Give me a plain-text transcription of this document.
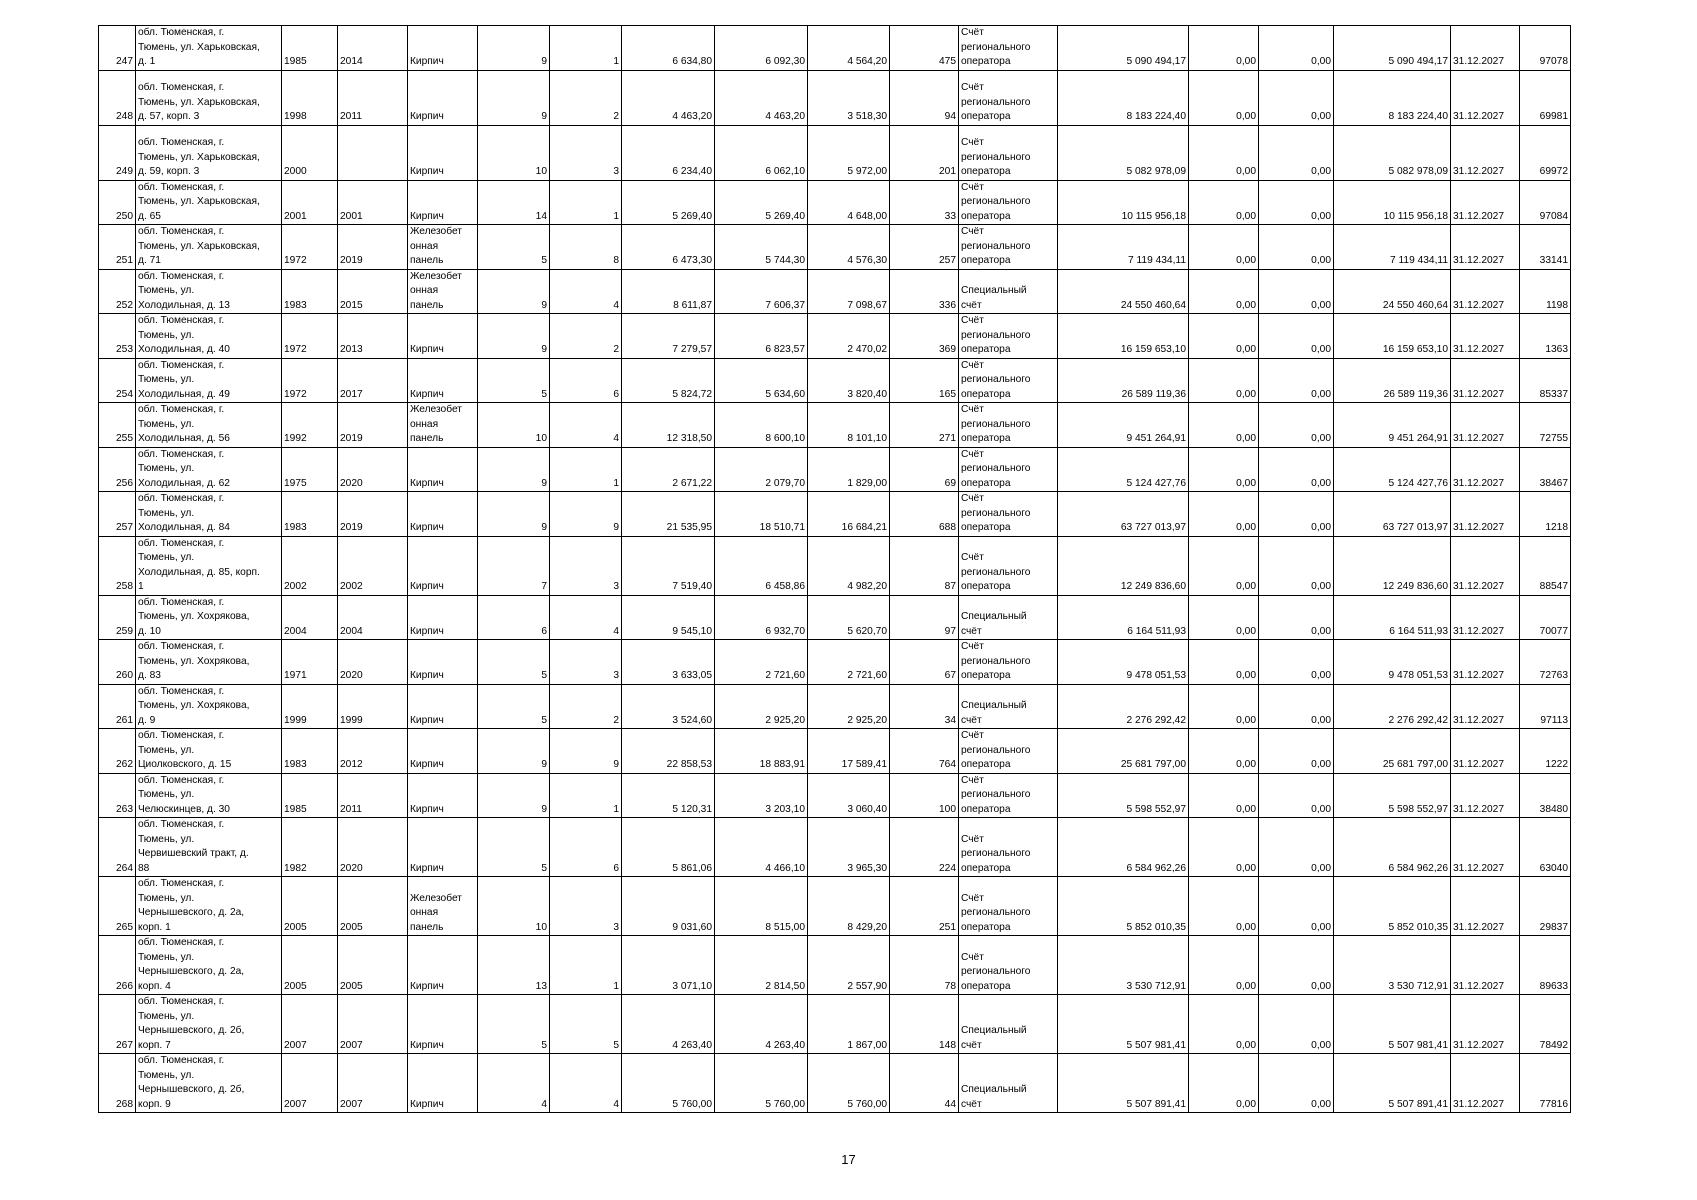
247	обл. Тюменская, г.
Тюмень, ул. Харьковская,
д. 1	1985	2014	Кирпич	9	1	6 634,80	6 092,30	4 564,20	475	Счёт
регионального
оператора	5 090 494,17	0,00	0,00	5 090 494,17	31.12.2027	97078
248	обл. Тюменская, г.
Тюмень, ул. Харьковская,
д. 57, корп. 3	1998	2011	Кирпич	9	2	4 463,20	4 463,20	3 518,30	94	Счёт
регионального
оператора	8 183 224,40	0,00	0,00	8 183 224,40	31.12.2027	69981
249	обл. Тюменская, г.
Тюмень, ул. Харьковская,
д. 59, корп. 3	2000		Кирпич	10	3	6 234,40	6 062,10	5 972,00	201	Счёт
регионального
оператора	5 082 978,09	0,00	0,00	5 082 978,09	31.12.2027	69972
250	обл. Тюменская, г.
Тюмень, ул. Харьковская,
д. 65	2001	2001	Кирпич	14	1	5 269,40	5 269,40	4 648,00	33	Счёт
регионального
оператора	10 115 956,18	0,00	0,00	10 115 956,18	31.12.2027	97084
251	обл. Тюменская, г.
Тюмень, ул. Харьковская,
д. 71	1972	2019	Железобет
онная
панель	5	8	6 473,30	5 744,30	4 576,30	257	Счёт
регионального
оператора	7 119 434,11	0,00	0,00	7 119 434,11	31.12.2027	33141
252	обл. Тюменская, г.
Тюмень, ул.
Холодильная, д. 13	1983	2015	Железобет
онная
панель	9	4	8 611,87	7 606,37	7 098,67	336	Специальный
счёт	24 550 460,64	0,00	0,00	24 550 460,64	31.12.2027	1198
253	обл. Тюменская, г.
Тюмень, ул.
Холодильная, д. 40	1972	2013	Кирпич	9	2	7 279,57	6 823,57	2 470,02	369	Счёт
регионального
оператора	16 159 653,10	0,00	0,00	16 159 653,10	31.12.2027	1363
254	обл. Тюменская, г.
Тюмень, ул.
Холодильная, д. 49	1972	2017	Кирпич	5	6	5 824,72	5 634,60	3 820,40	165	Счёт
регионального
оператора	26 589 119,36	0,00	0,00	26 589 119,36	31.12.2027	85337
255	обл. Тюменская, г.
Тюмень, ул.
Холодильная, д. 56	1992	2019	Железобет
онная
панель	10	4	12 318,50	8 600,10	8 101,10	271	Счёт
регионального
оператора	9 451 264,91	0,00	0,00	9 451 264,91	31.12.2027	72755
256	обл. Тюменская, г.
Тюмень, ул.
Холодильная, д. 62	1975	2020	Кирпич	9	1	2 671,22	2 079,70	1 829,00	69	Счёт
регионального
оператора	5 124 427,76	0,00	0,00	5 124 427,76	31.12.2027	38467
257	обл. Тюменская, г.
Тюмень, ул.
Холодильная, д. 84	1983	2019	Кирпич	9	9	21 535,95	18 510,71	16 684,21	688	Счёт
регионального
оператора	63 727 013,97	0,00	0,00	63 727 013,97	31.12.2027	1218
258	обл. Тюменская, г.
Тюмень, ул.
Холодильная, д. 85, корп.
1	2002	2002	Кирпич	7	3	7 519,40	6 458,86	4 982,20	87	Счёт
регионального
оператора	12 249 836,60	0,00	0,00	12 249 836,60	31.12.2027	88547
259	обл. Тюменская, г.
Тюмень, ул. Хохрякова,
д. 10	2004	2004	Кирпич	6	4	9 545,10	6 932,70	5 620,70	97	Специальный
счёт	6 164 511,93	0,00	0,00	6 164 511,93	31.12.2027	70077
260	обл. Тюменская, г.
Тюмень, ул. Хохрякова,
д. 83	1971	2020	Кирпич	5	3	3 633,05	2 721,60	2 721,60	67	Счёт
регионального
оператора	9 478 051,53	0,00	0,00	9 478 051,53	31.12.2027	72763
261	обл. Тюменская, г.
Тюмень, ул. Хохрякова,
д. 9	1999	1999	Кирпич	5	2	3 524,60	2 925,20	2 925,20	34	Специальный
счёт	2 276 292,42	0,00	0,00	2 276 292,42	31.12.2027	97113
262	обл. Тюменская, г.
Тюмень, ул.
Циолковского, д. 15	1983	2012	Кирпич	9	9	22 858,53	18 883,91	17 589,41	764	Счёт
регионального
оператора	25 681 797,00	0,00	0,00	25 681 797,00	31.12.2027	1222
263	обл. Тюменская, г.
Тюмень, ул.
Челюскинцев, д. 30	1985	2011	Кирпич	9	1	5 120,31	3 203,10	3 060,40	100	Счёт
регионального
оператора	5 598 552,97	0,00	0,00	5 598 552,97	31.12.2027	38480
264	обл. Тюменская, г.
Тюмень, ул.
Червишевский тракт, д.
88	1982	2020	Кирпич	5	6	5 861,06	4 466,10	3 965,30	224	Счёт
регионального
оператора	6 584 962,26	0,00	0,00	6 584 962,26	31.12.2027	63040
265	обл. Тюменская, г.
Тюмень, ул.
Чернышевского, д. 2а,
корп. 1	2005	2005	Железобет
онная
панель	10	3	9 031,60	8 515,00	8 429,20	251	Счёт
регионального
оператора	5 852 010,35	0,00	0,00	5 852 010,35	31.12.2027	29837
266	обл. Тюменская, г.
Тюмень, ул.
Чернышевского, д. 2а,
корп. 4	2005	2005	Кирпич	13	1	3 071,10	2 814,50	2 557,90	78	Счёт
регионального
оператора	3 530 712,91	0,00	0,00	3 530 712,91	31.12.2027	89633
267	обл. Тюменская, г.
Тюмень, ул.
Чернышевского, д. 2б,
корп. 7	2007	2007	Кирпич	5	5	4 263,40	4 263,40	1 867,00	148	Специальный
счёт	5 507 981,41	0,00	0,00	5 507 981,41	31.12.2027	78492
268	обл. Тюменская, г.
Тюмень, ул.
Чернышевского, д. 2б,
корп. 9	2007	2007	Кирпич	4	4	5 760,00	5 760,00	5 760,00	44	Специальный
счёт	5 507 891,41	0,00	0,00	5 507 891,41	31.12.2027	77816
17
